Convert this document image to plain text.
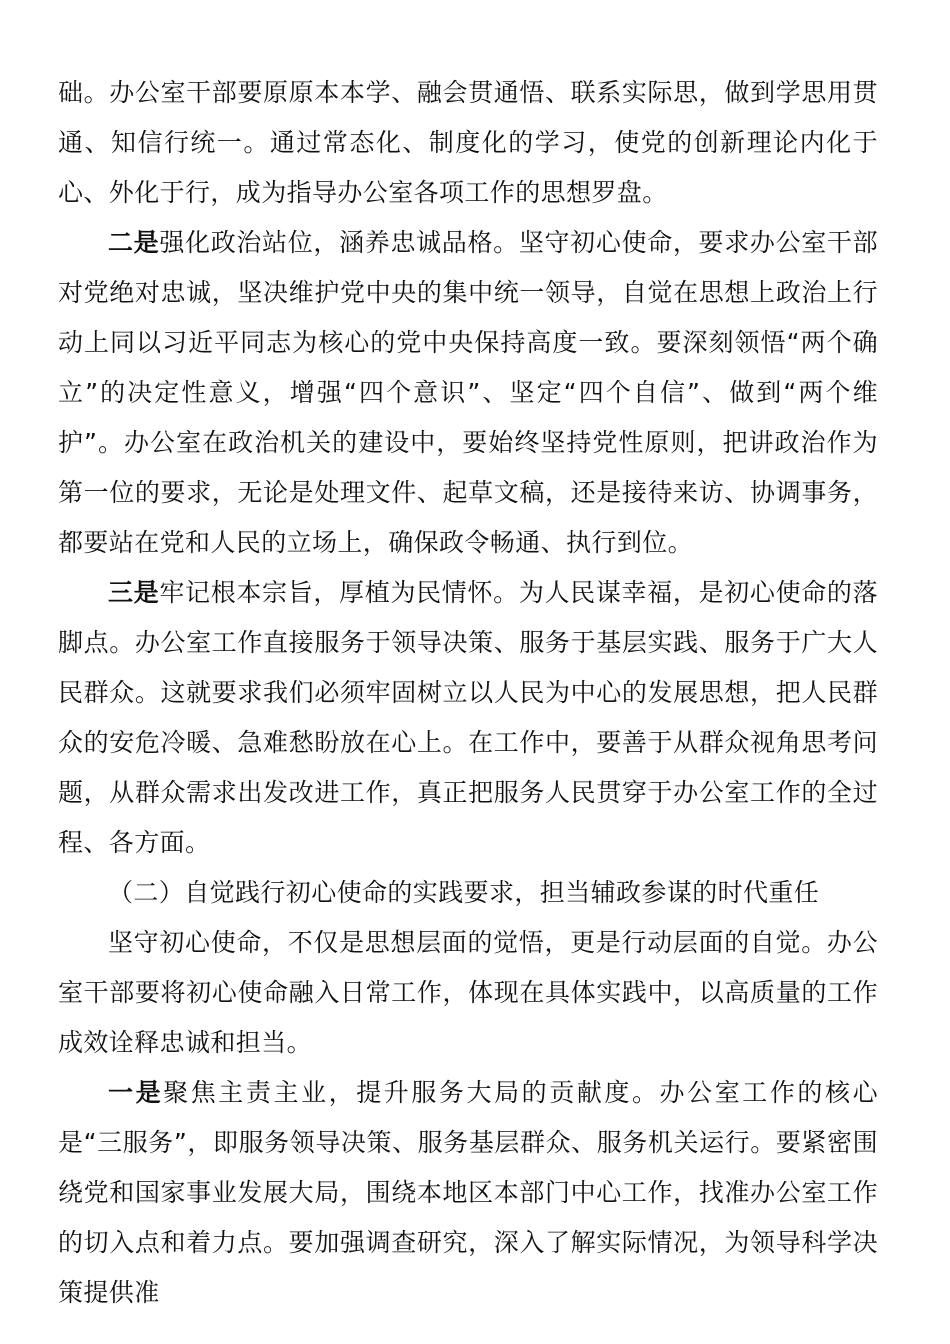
础。办公室干部要原原本本学、融会贯通悟、联系实际思，做到学思用贯通、知信行统一。通过常态化、制度化的学习，使党的创新理论内化于心、外化于行，成为指导办公室各项工作的思想罗盘。

二是强化政治站位，涵养忠诚品格。坚守初心使命，要求办公室干部对党绝对忠诚，坚决维护党中央的集中统一领导，自觉在思想上政治上行动上同以习近平同志为核心的党中央保持高度一致。要深刻领悟“两个确立”的决定性意义，增强“四个意识”、坚定“四个自信”、做到“两个维护”。办公室在政治机关的建设中，要始终坚持党性原则，把讲政治作为第一位的要求，无论是处理文件、起草文稿，还是接待来访、协调事务，都要站在党和人民的立场上，确保政令畅通、执行到位。

三是牢记根本宗旨，厚植为民情怀。为人民谋幸福，是初心使命的落脚点。办公室工作直接服务于领导决策、服务于基层实践、服务于广大人民群众。这就要求我们必须牢固树立以人民为中心的发展思想，把人民群众的安危冷暖、急难愁盼放在心上。在工作中，要善于从群众视角思考问题，从群众需求出发改进工作，真正把服务人民贯穿于办公室工作的全过程、各方面。

（二）自觉践行初心使命的实践要求，担当辅政参谋的时代重任

坚守初心使命，不仅是思想层面的觉悟，更是行动层面的自觉。办公室干部要将初心使命融入日常工作，体现在具体实践中，以高质量的工作成效诠释忠诚和担当。

一是聚焦主责主业，提升服务大局的贡献度。办公室工作的核心是“三服务”，即服务领导决策、服务基层群众、服务机关运行。要紧密围绕党和国家事业发展大局，围绕本地区本部门中心工作，找准办公室工作的切入点和着力点。要加强调查研究，深入了解实际情况，为领导科学决策提供准
